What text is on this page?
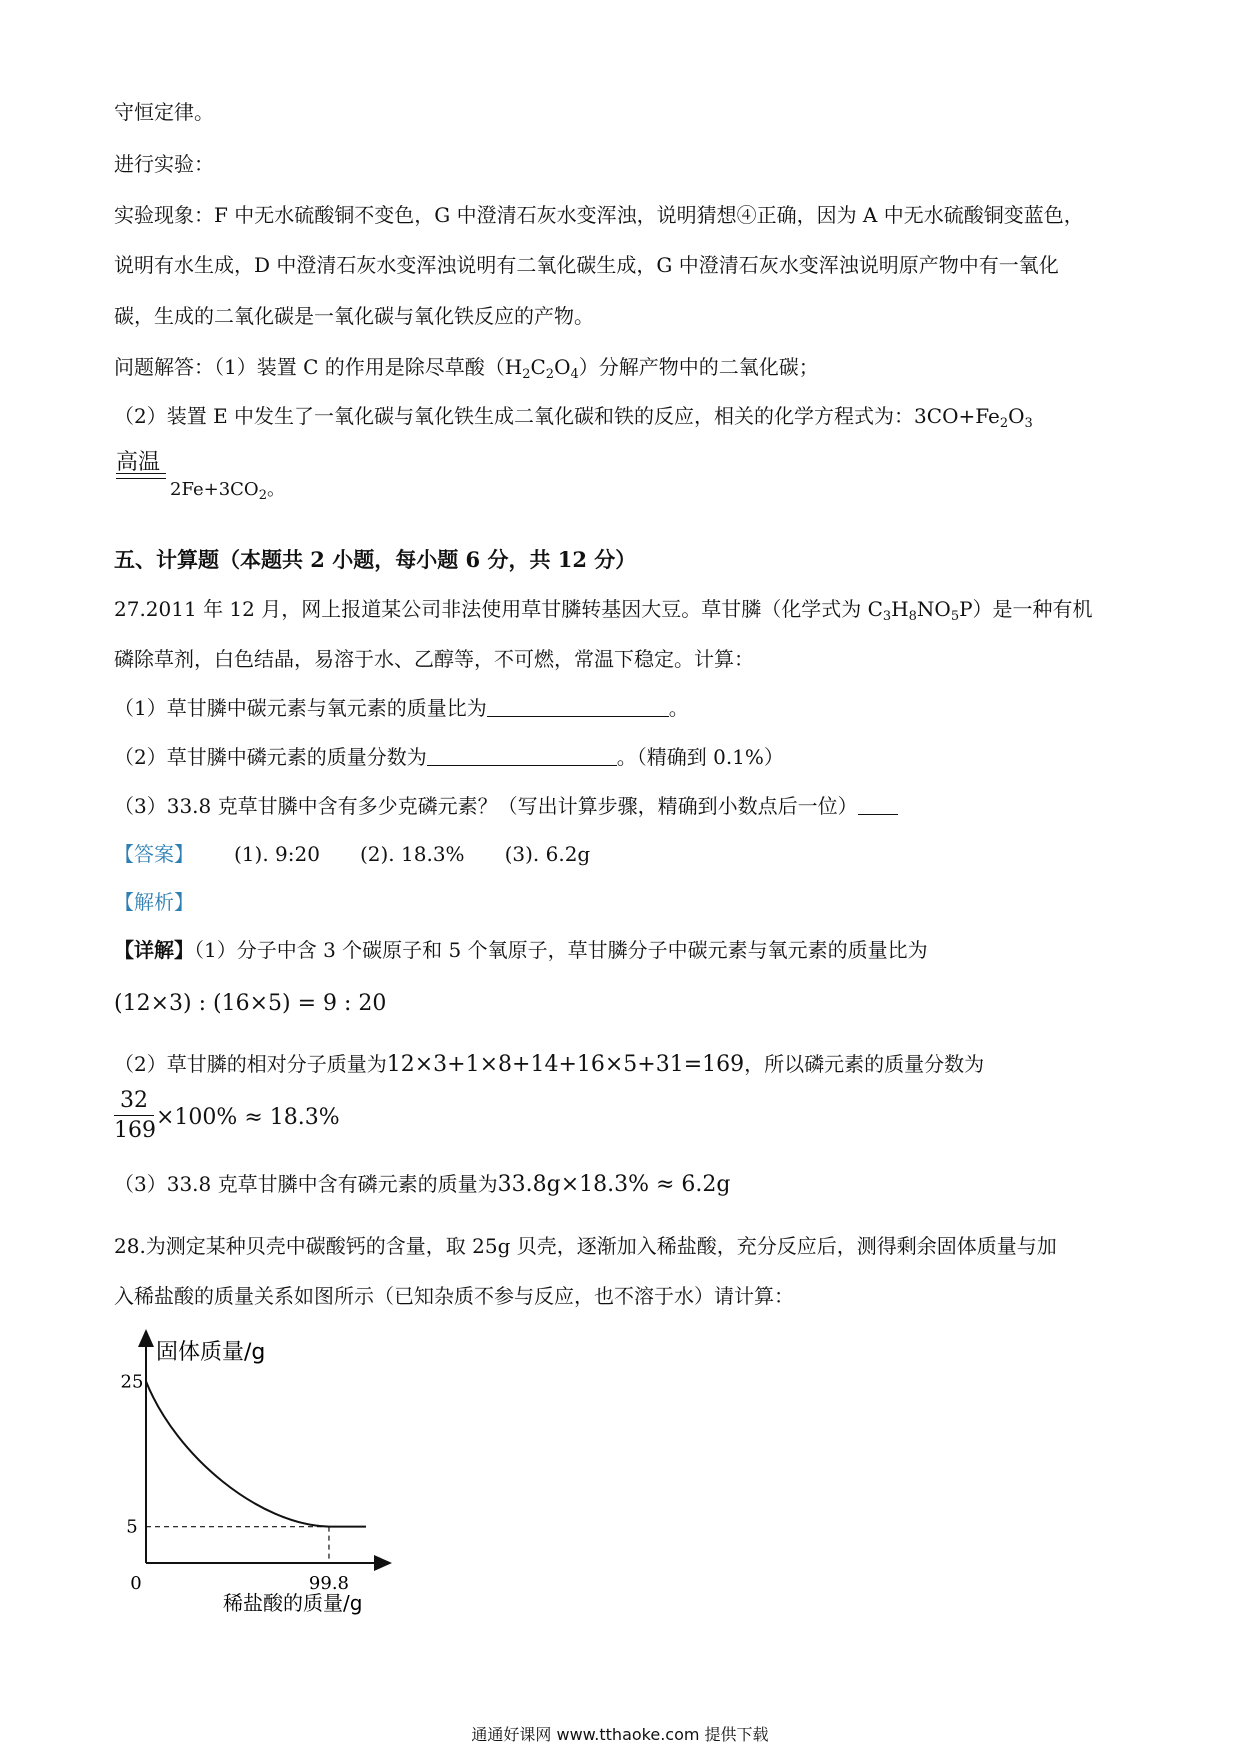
守恒定律。
进行实验：
实验现象：F 中无水硫酸铜不变色，G 中澄清石灰水变浑浊，说明猜想④正确，因为 A 中无水硫酸铜变蓝色，
说明有水生成，D 中澄清石灰水变浑浊说明有二氧化碳生成，G 中澄清石灰水变浑浊说明原产物中有一氧化
碳，生成的二氧化碳是一氧化碳与氧化铁反应的产物。
问题解答：（1）装置 C 的作用是除尽草酸$(H_2C_2O_4)$分解产物中的二氧化碳；
（2）装置 E 中发生了一氧化碳与氧化铁生成二氧化碳和铁的反应，相关的化学方程式为：$3CO+Fe_2O_3$
高温
$2Fe+3CO_2$。
五、计算题（本题共 2 小题，每小题 6 分，共 12 分）
27.2011 年 12 月，网上报道某公司非法使用草甘膦转基因大豆。草甘膦（化学式为 $C_3H_8NO_5P$）是一种有机
磷除草剂，白色结晶，易溶于水、乙醇等，不可燃，常温下稳定。计算：
（1）草甘膦中碳元素与氧元素的质量比为	。
（2）草甘膦中磷元素的质量分数为	。（精确到 0.1%）
（3）33.8 克草甘膦中含有多少克磷元素？（写出计算步骤，精确到小数点后一位）
【答案】 (1). 9:20 (2). 18.3% (3). 6.2g
【解析】
【详解】（1）分子中含 3 个碳原子和 5 个氧原子，草甘膦分子中碳元素与氧元素的质量比为
(12×3) : (16×5) = 9 : 20
（2）草甘膦的相对分子质量为12×3+1×8+14+16×5+31=169，所以磷元素的质量分数为
$\frac{32}{169} \times 100\% \approx 18.3\%$
（3）33.8 克草甘膦中含有磷元素的质量为33.8g×18.3% ≈ 6.2g
28.为测定某种贝壳中碳酸钙的含量，取 25g 贝壳，逐渐加入稀盐酸，充分反应后，测得剩余固体质量与加
入稀盐酸的质量关系如图所示（已知杂质不参与反应，也不溶于水）请计算：
固体质量/g
稀盐酸的质量/g
0
25
5
99.8
通通好课网 www.tthaoke.com 提供下载
